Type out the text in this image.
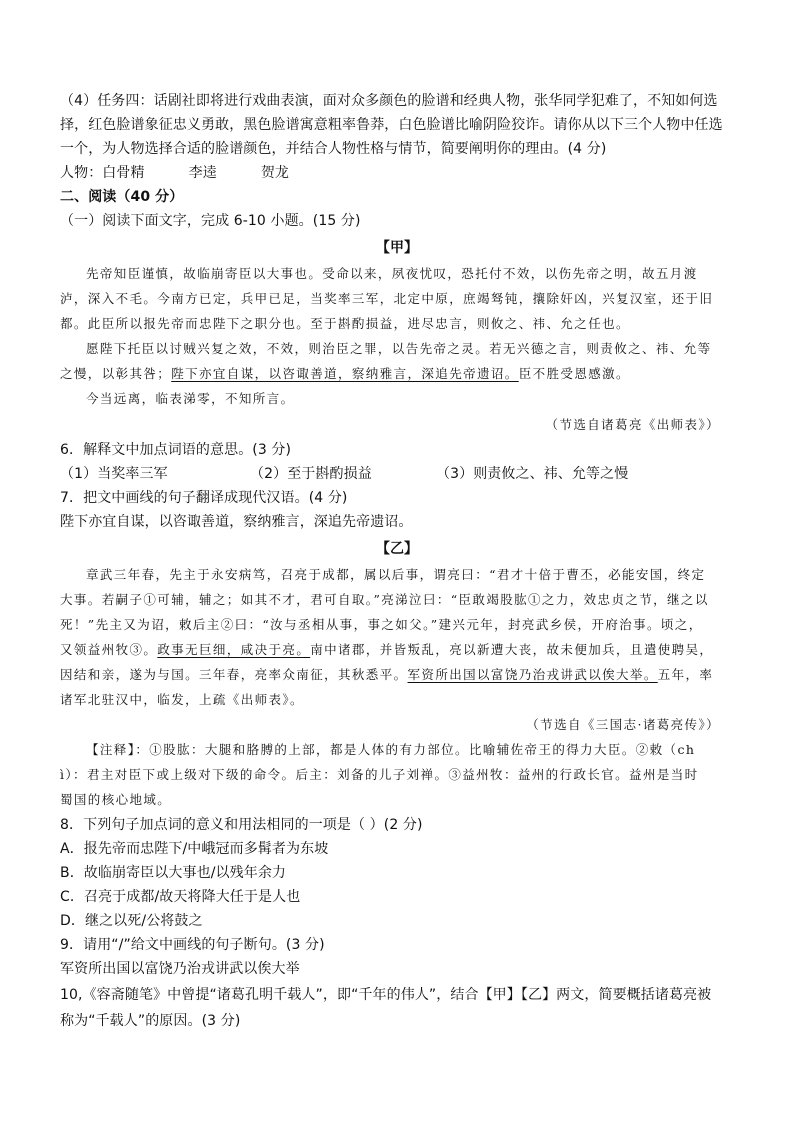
（4）任务四：话剧社即将进行戏曲表演，面对众多颜色的脸谱和经典人物，张华同学犯难了，不知如何选
择，红色脸谱象征忠义勇敢，黑色脸谱寓意粗率鲁莽，白色脸谱比喻阴险狡诈。请你从以下三个人物中任选
一个，为人物选择合适的脸谱颜色，并结合人物性格与情节，简要阐明你的理由。(4 分)
人物：白骨精	李逵	贺龙
二、阅读（40 分）
（一）阅读下面文字，完成 6-10 小题。(15 分)
【甲】
先帝知臣谨慎，故临崩寄臣以大事也。受命以来，夙夜忧叹，恐托付不效，以伤先帝之明，故五月渡
泸，深入不毛。今南方已定，兵甲已足，当奖率三军，北定中原，庶竭驽钝，攘除奸凶，兴复汉室，还于旧
都。此臣所以报先帝而忠陛下之职分也。至于斟酌损益，进尽忠言，则攸之、祎、允之任也。
愿陛下托臣以讨贼兴复之效，不效，则治臣之罪，以告先帝之灵。若无兴德之言，则责攸之、祎、允等
之慢，以彰其咎；陛下亦宜自谋，以咨诹善道，察纳雅言，深追先帝遗诏。臣不胜受恩感激。
今当远离，临表涕零，不知所言。
（节选自诸葛亮《出师表》）
6．解释文中加点词语的意思。(3 分)
（1）当奖率三军	（2）至于斟酌损益	（3）则责攸之、祎、允等之慢
7．把文中画线的句子翻译成现代汉语。(4 分)
陛下亦宜自谋，以咨诹善道，察纳雅言，深追先帝遗诏。
【乙】
章武三年春，先主于永安病笃，召亮于成都，属以后事，谓亮曰：“君才十倍于曹丕，必能安国，终定
大事。若嗣子①可辅，辅之；如其不才，君可自取。”亮涕泣曰：“臣敢竭股肱①之力，效忠贞之节，继之以
死！”先主又为诏，敕后主②曰：“汝与丞相从事，事之如父。”建兴元年，封亮武乡侯，开府治事。顷之，
又领益州牧③。政事无巨细，咸决于亮。南中诸郡，并皆叛乱，亮以新遭大丧，故未便加兵，且遣使聘吴，
因结和亲，遂为与国。三年春，亮率众南征，其秋悉平。军资所出国以富饶乃治戎讲武以俟大举。五年，率
诸军北驻汉中，临发，上疏《出师表》。
（节选自《三国志·诸葛亮传》）
【注释】：①股肱：大腿和胳膊的上部，都是人体的有力部位。比喻辅佐帝王的得力大臣。②敕（ch
ì）：君主对臣下或上级对下级的命令。后主：刘备的儿子刘禅。③益州牧：益州的行政长官。益州是当时
蜀国的核心地域。
8．下列句子加点词的意义和用法相同的一项是（ ）(2 分)
A．报先帝而忠陛下/中峨冠而多髯者为东坡
B．故临崩寄臣以大事也/以残年余力
C．召亮于成都/故天将降大任于是人也
D．继之以死/公将鼓之
9．请用“/”给文中画线的句子断句。(3 分)
军资所出国以富饶乃治戎讲武以俟大举
10,《容斋随笔》中曾提“诸葛孔明千载人”，即“千年的伟人”，结合【甲】【乙】两文，简要概括诸葛亮被
称为“千载人”的原因。(3 分)
